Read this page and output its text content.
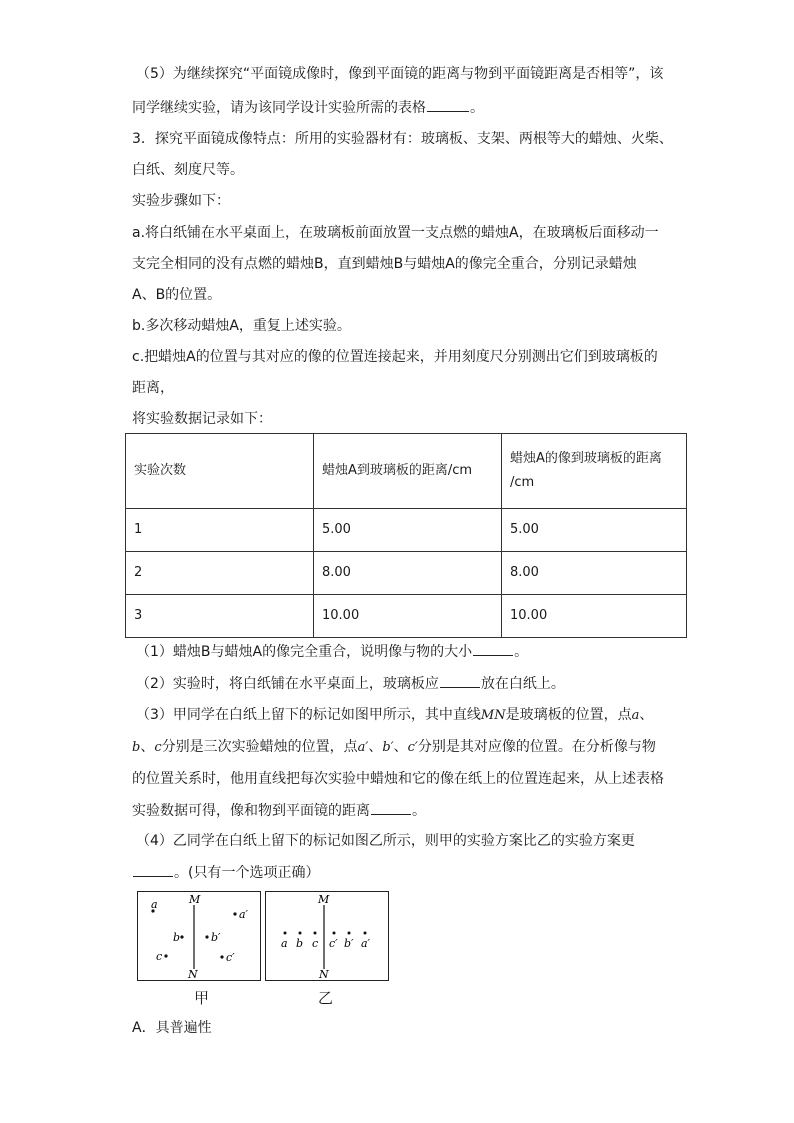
（5）为继续探究“平面镜成像时，像到平面镜的距离与物到平面镜距离是否相等”，该
同学继续实验，请为该同学设计实验所需的表格	。
3．探究平面镜成像特点：所用的实验器材有：玻璃板、支架、两根等大的蜡烛、火柴、
白纸、刻度尺等。
实验步骤如下：
a.将白纸铺在水平桌面上，在玻璃板前面放置一支点燃的蜡烛A，在玻璃板后面移动一
支完全相同的没有点燃的蜡烛B，直到蜡烛B与蜡烛A的像完全重合，分别记录蜡烛
A、B的位置。
b.多次移动蜡烛A，重复上述实验。
c.把蜡烛A的位置与其对应的像的位置连接起来，并用刻度尺分别测出它们到玻璃板的
距离，
将实验数据记录如下：
实验次数	蜡烛A到玻璃板的距离/cm	蜡烛A的像到玻璃板的距离
/cm

1	5.00	5.00
2	8.00	8.00
3	10.00	10.00
（1）蜡烛B与蜡烛A的像完全重合，说明像与物的大小	。
（2）实验时，将白纸铺在水平桌面上，玻璃板应	放在白纸上。
（3）甲同学在白纸上留下的标记如图甲所示，其中直线MN是玻璃板的位置，点a、
b、c分别是三次实验蜡烛的位置，点a′、b′、c′分别是其对应像的位置。在分析像与物
的位置关系时，他用直线把每次实验中蜡烛和它的像在纸上的位置连起来，从上述表格
实验数据可得，像和物到平面镜的距离	。
（4）乙同学在白纸上留下的标记如图乙所示，则甲的实验方案比乙的实验方案更
。(只有一个选项正确）
M
N
a
a′
b	b′
c	c′
甲
M
N
a b c c′ b′ a′
乙
A．具普遍性
